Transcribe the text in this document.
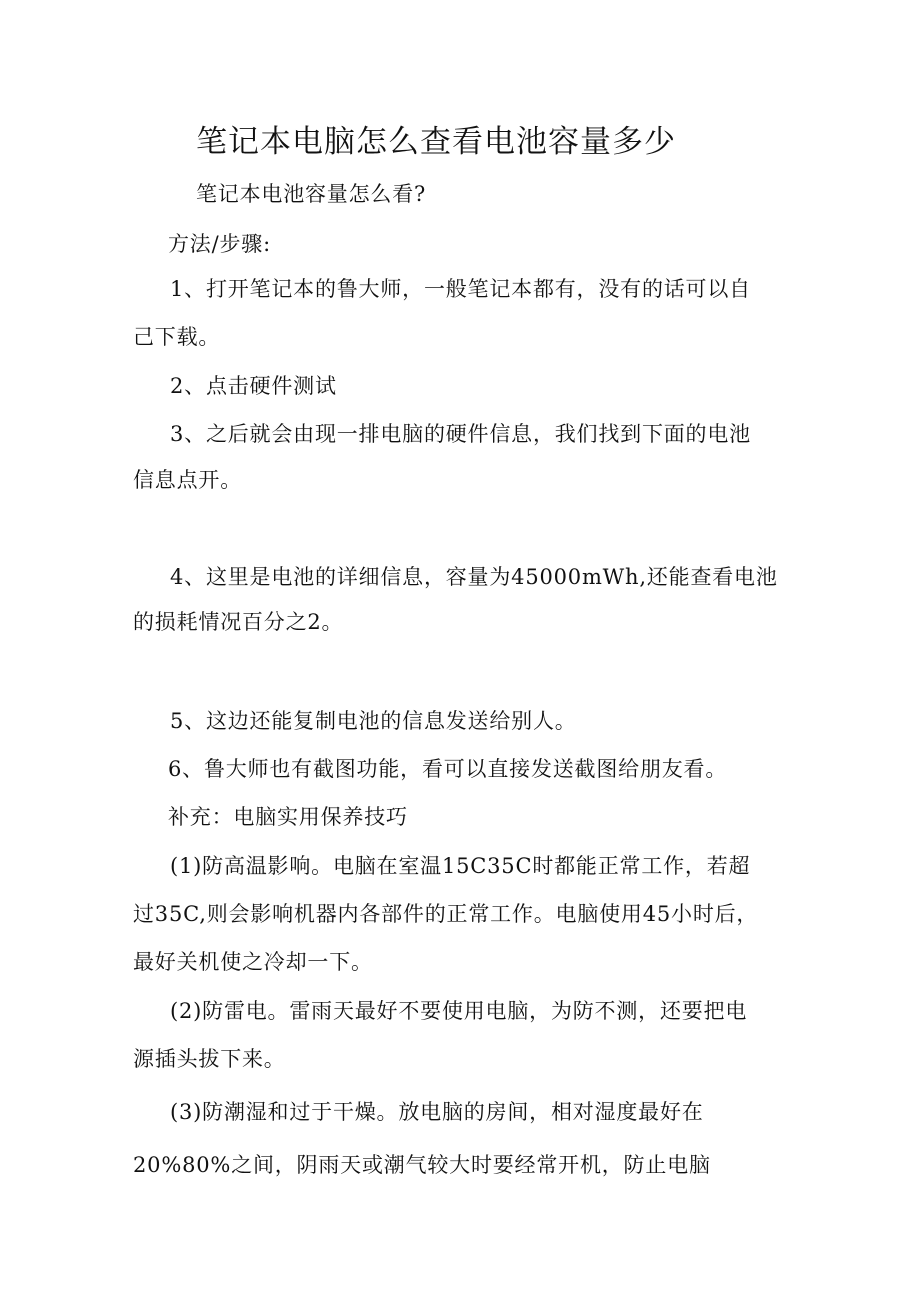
笔记本电脑怎么查看电池容量多少
笔记本电池容量怎么看?
方法/步骤:
1、打开笔记本的鲁大师，一般笔记本都有，没有的话可以自
己下载。
2、点击硬件测试
3、之后就会由现一排电脑的硬件信息，我们找到下面的电池
信息点开。
4、这里是电池的详细信息，容量为45000mWh,还能查看电池
的损耗情况百分之2。
5、这边还能复制电池的信息发送给别人。
6、鲁大师也有截图功能，看可以直接发送截图给朋友看。
补充：电脑实用保养技巧
(1)防高温影响。电脑在室温15C35C时都能正常工作，若超
过35C,则会影响机器内各部件的正常工作。电脑使用45小时后，
最好关机使之冷却一下。
(2)防雷电。雷雨天最好不要使用电脑，为防不测，还要把电
源插头拔下来。
(3)防潮湿和过于干燥。放电脑的房间，相对湿度最好在
20%80%之间，阴雨天或潮气较大时要经常开机，防止电脑
